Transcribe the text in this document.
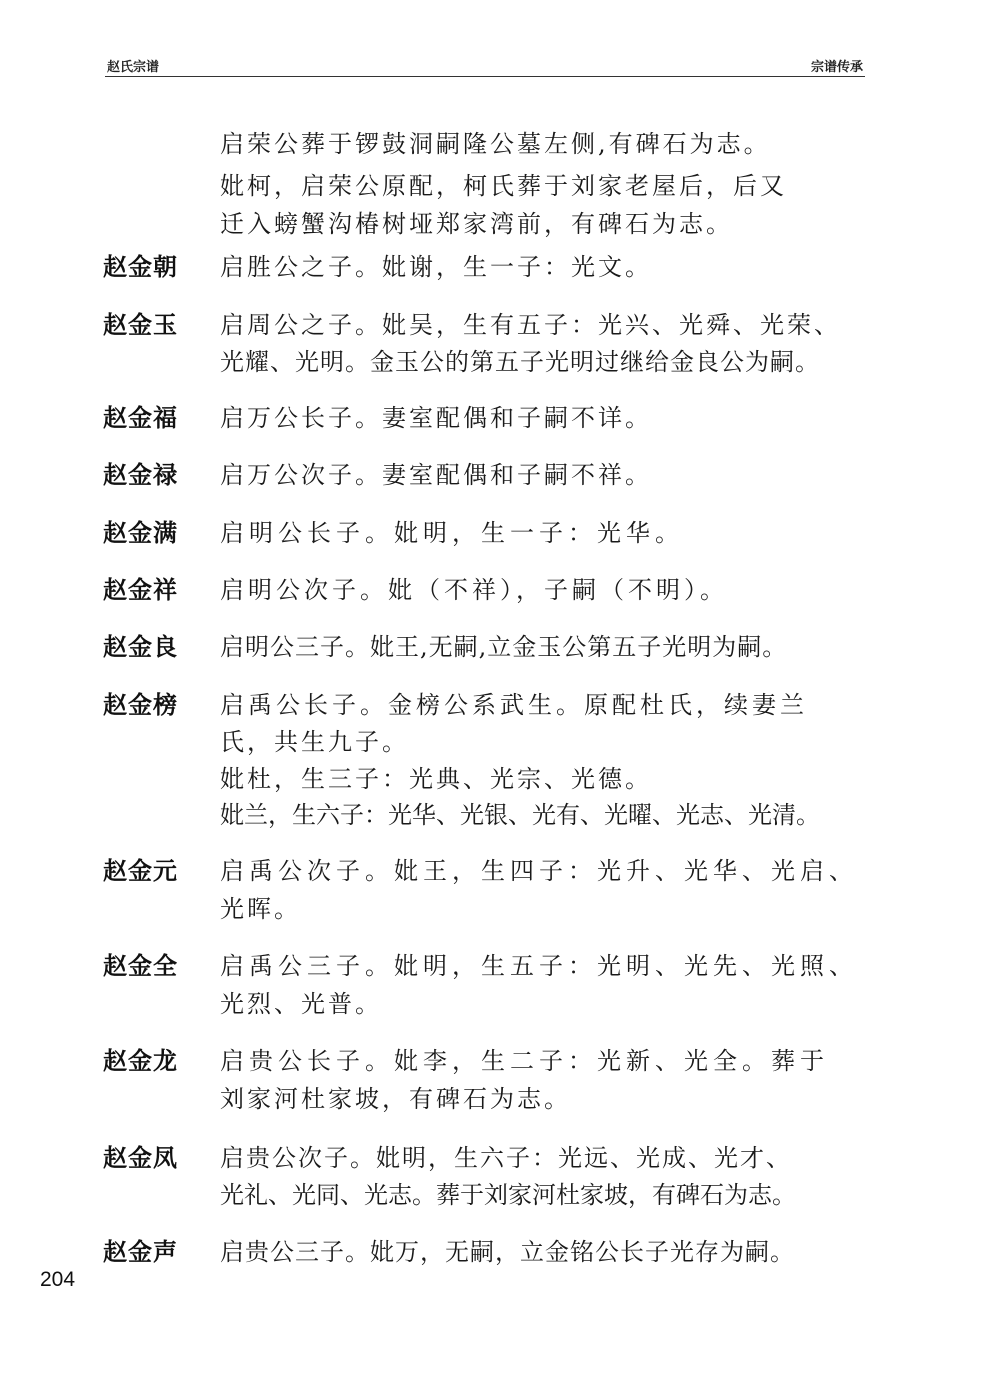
赵氏宗谱	宗谱传承
启荣公葬于锣鼓洞嗣隆公墓左侧,有碑石为志。
妣柯，启荣公原配，柯氏葬于刘家老屋后，后又
迁入螃蟹沟椿树垭郑家湾前，有碑石为志。
赵金朝 启胜公之子。妣谢，生一子：光文。
赵金玉 启周公之子。妣吴，生有五子：光兴、光舜、光荣、
光耀、光明。金玉公的第五子光明过继给金良公为嗣。
赵金福 启万公长子。妻室配偶和子嗣不详。
赵金禄 启万公次子。妻室配偶和子嗣不祥。
赵金满 启明公长子。妣明，生一子：光华。
赵金祥 启明公次子。妣（不祥），子嗣（不明）。
赵金良 启明公三子。妣王,无嗣,立金玉公第五子光明为嗣。
赵金榜 启禹公长子。金榜公系武生。原配杜氏，续妻兰
氏，共生九子。
妣杜，生三子：光典、光宗、光德。
妣兰，生六子：光华、光银、光有、光曜、光志、光清。
赵金元 启禹公次子。妣王，生四子：光升、光华、光启、
光晖。
赵金全 启禹公三子。妣明，生五子：光明、光先、光照、
光烈、光普。
赵金龙 启贵公长子。妣李，生二子：光新、光全。葬于
刘家河杜家坡，有碑石为志。
赵金凤 启贵公次子。妣明，生六子：光远、光成、光才、
光礼、光同、光志。葬于刘家河杜家坡，有碑石为志。
赵金声 启贵公三子。妣万，无嗣，立金铭公长子光存为嗣。
204
